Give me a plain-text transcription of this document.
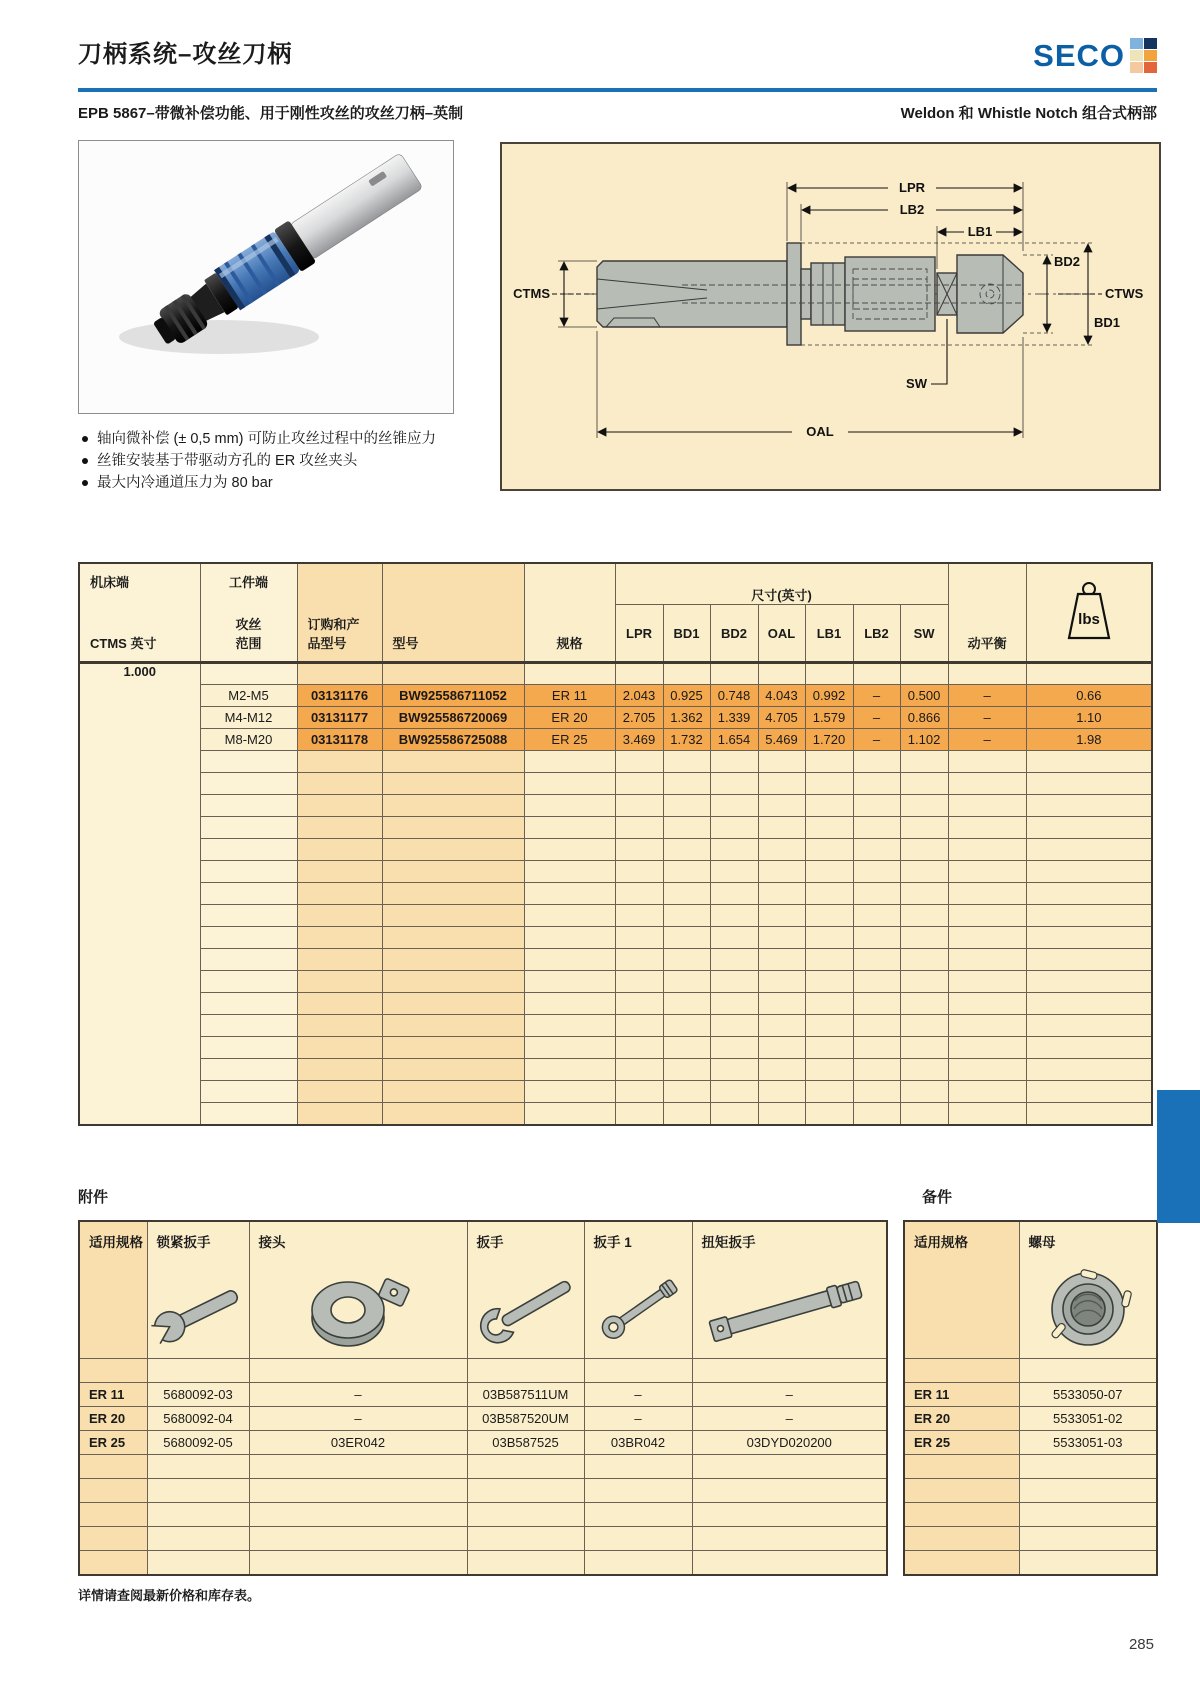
刀柄系统–攻丝刀柄	SECO
EPB 5867–带微补偿功能、用于刚性攻丝的攻丝刀柄–英制	Weldon 和 Whistle Notch 组合式柄部
轴向微补偿 (± 0,5 mm) 可防止攻丝过程中的丝锥应力
丝锥安装基于带驱动方孔的 ER 攻丝夹头
最大内冷通道压力为 80 bar
LPR
LB2
LB1
CTMS	CTWS
BD2
BD1
SW
OAL
机床端
CTMS 英寸	工件端
攻丝
范围	订购和产
品型号	型号	规格	尺寸(英寸)							动平衡	lbs

					LPR	BD1	BD2	OAL	LB1	LB2	SW		
1.000													
	M2-M5	03131176	BW925586711052	ER 11	2.043	0.925	0.748	4.043	0.992	–	0.500	–	0.66
	M4-M12	03131177	BW925586720069	ER 20	2.705	1.362	1.339	4.705	1.579	–	0.866	–	1.10
	M8-M20	03131178	BW925586725088	ER 25	3.469	1.732	1.654	5.469	1.720	–	1.102	–	1.98

附件	备件
适用规格	锁紧扳手	接头	扳手	扳手 1	扭矩扳手

ER 11	5680092-03	–	03B587511UM	–	–
ER 20	5680092-04	–	03B587520UM	–	–
ER 25	5680092-05	03ER042	03B587525	03BR042	03DYD020200

适用规格	螺母

ER 11	5533050-07
ER 20	5533051-02
ER 25	5533051-03

详情请查阅最新价格和库存表。
285
